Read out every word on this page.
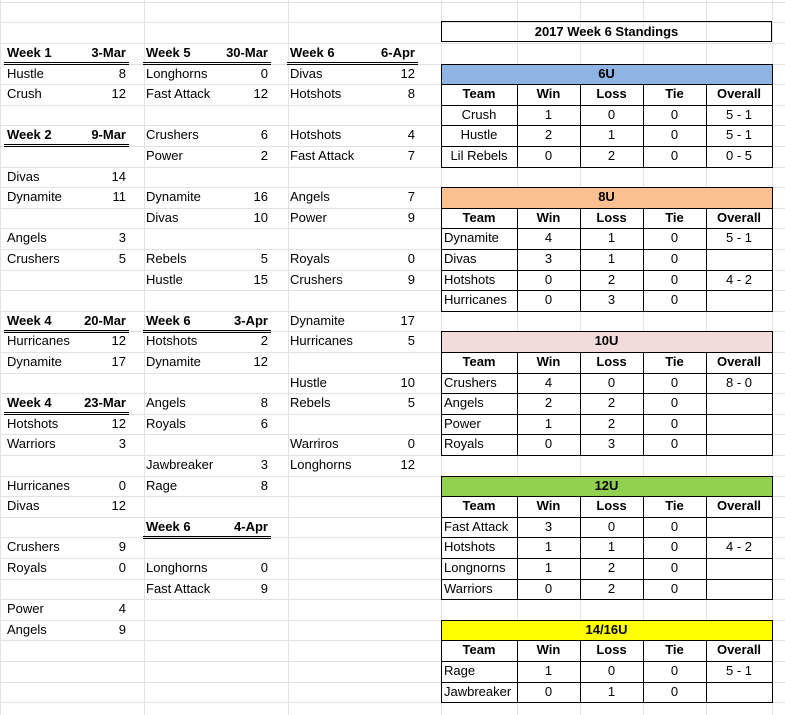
Week 1	3-Mar
Hustle	8
Crush	12
Week 2	9-Mar
Divas	14
Dynamite	11
Angels	3
Crushers	5
Week 4	20-Mar
Hurricanes	12
Dynamite	17
Week 4	23-Mar
Hotshots	12
Warriors	3
Hurricanes	0
Divas	12
Crushers	9
Royals	0
Power	4
Angels	9
Week 5	30-Mar
Longhorns	0
Fast Attack	12
Crushers	6
Power	2
Dynamite	16
Divas	10
Rebels	5
Hustle	15
Week 6	3-Apr
Hotshots	2
Dynamite	12
Angels	8
Royals	6
Jawbreaker	3
Rage	8
Week 6	4-Apr
Longhorns	0
Fast Attack	9
Week 6	6-Apr
Divas	12
Hotshots	8
Hotshots	4
Fast Attack	7
Angels	7
Power	9
Royals	0
Crushers	9
Dynamite	17
Hurricanes	5
Hustle	10
Rebels	5
Warriros	0
Longhorns	12
2017 Week 6 Standings
6U
Team	Win	Loss	Tie	Overall
Crush	1	0	0	5 - 1
Hustle	2	1	0	5 - 1
Lil Rebels	0	2	0	0 - 5
8U
Team	Win	Loss	Tie	Overall
Dynamite	4	1	0	5 - 1
Divas	3	1	0
Hotshots	0	2	0	4 - 2
Hurricanes	0	3	0
10U
Team	Win	Loss	Tie	Overall
Crushers	4	0	0	8 - 0
Angels	2	2	0
Power	1	2	0
Royals	0	3	0
12U
Team	Win	Loss	Tie	Overall
Fast Attack	3	0	0
Hotshots	1	1	0	4 - 2
Longnorns	1	2	0
Warriors	0	2	0
14/16U
Team	Win	Loss	Tie	Overall
Rage	1	0	0	5 - 1
Jawbreaker	0	1	0
